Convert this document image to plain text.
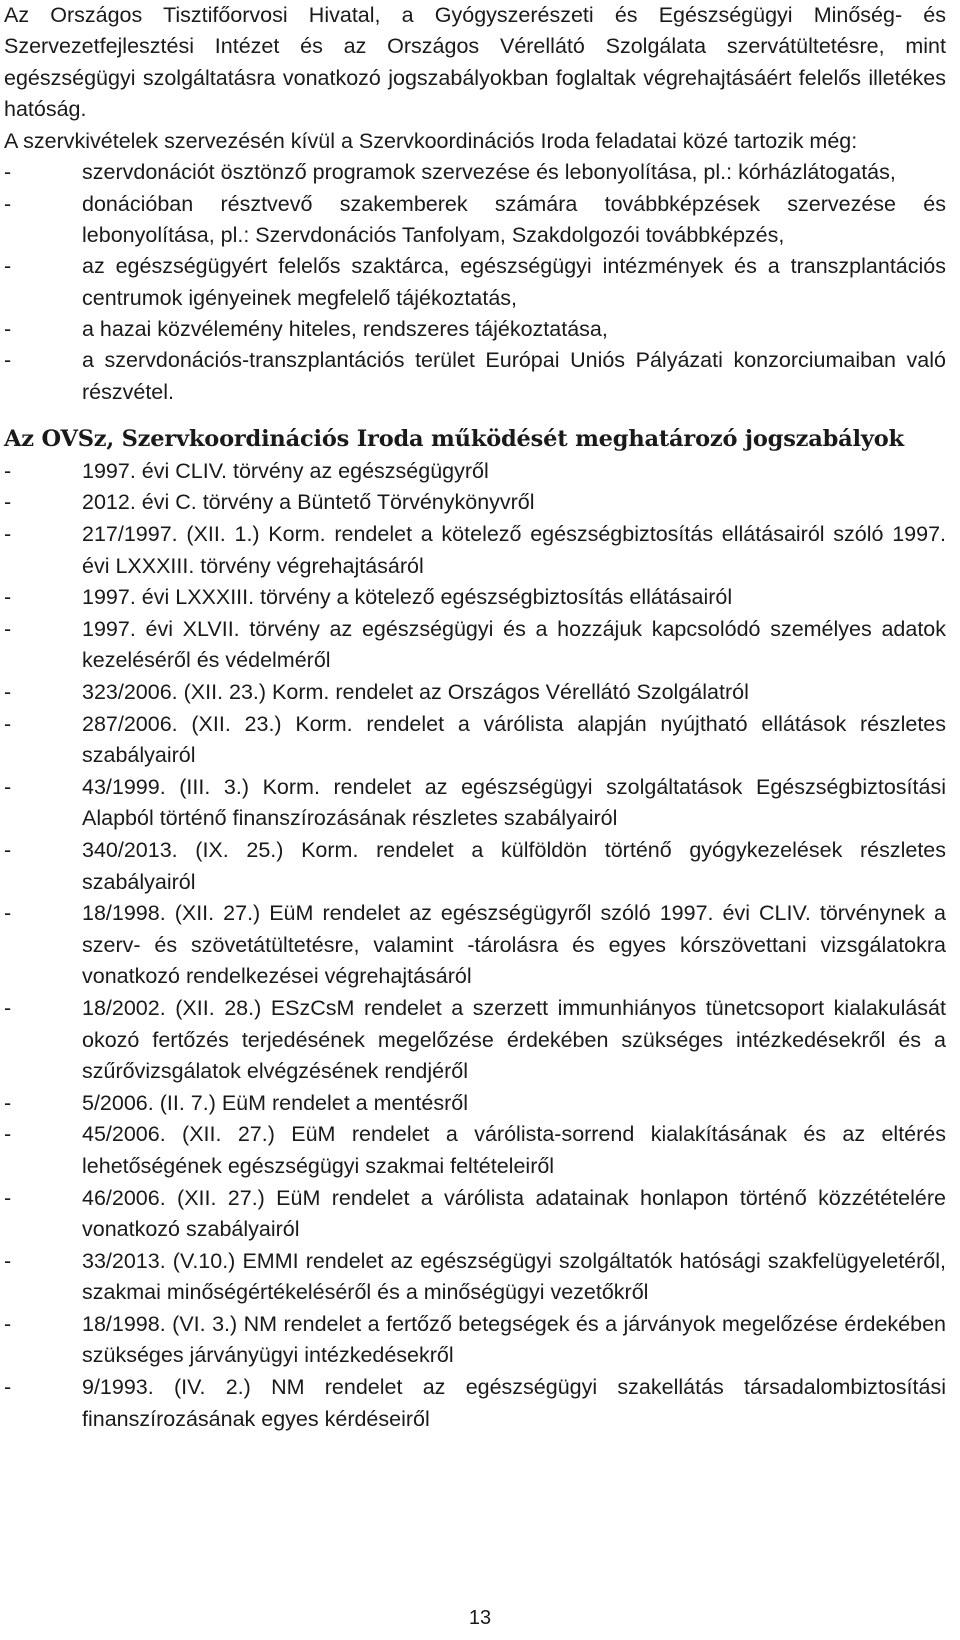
Az Országos Tisztifőorvosi Hivatal, a Gyógyszerészeti és Egészségügyi Minőség- és Szervezetfejlesztési Intézet és az Országos Vérellátó Szolgálata szervátültetésre, mint egészségügyi szolgáltatásra vonatkozó jogszabályokban foglaltak végrehajtásáért felelős illetékes hatóság.

A szervkivételek szervezésén kívül a Szervkoordinációs Iroda feladatai közé tartozik még:

-	szervdonációt ösztönző programok szervezése és lebonyolítása, pl.: kórházlátogatás,
-	donációban résztvevő szakemberek számára továbbképzések szervezése és lebonyolítása, pl.: Szervdonációs Tanfolyam, Szakdolgozói továbbképzés,
-	az egészségügyért felelős szaktárca, egészségügyi intézmények és a transzplantációs centrumok igényeinek megfelelő tájékoztatás,
-	a hazai közvélemény hiteles, rendszeres tájékoztatása,
-	a szervdonációs-transzplantációs terület Európai Uniós Pályázati konzorciumaiban való részvétel.
Az OVSz, Szervkoordinációs Iroda működését meghatározó jogszabályok
-	1997. évi CLIV. törvény az egészségügyről
-	2012. évi C. törvény a Büntető Törvénykönyvről
-	217/1997. (XII. 1.) Korm. rendelet a kötelező egészségbiztosítás ellátásairól szóló 1997. évi LXXXIII. törvény végrehajtásáról
-	1997. évi LXXXIII. törvény a kötelező egészségbiztosítás ellátásairól
-	1997. évi XLVII. törvény az egészségügyi és a hozzájuk kapcsolódó személyes adatok kezeléséről és védelméről
-	323/2006. (XII. 23.) Korm. rendelet az Országos Vérellátó Szolgálatról
-	287/2006. (XII. 23.) Korm. rendelet a várólista alapján nyújtható ellátások részletes szabályairól
-	43/1999. (III. 3.) Korm. rendelet az egészségügyi szolgáltatások Egészségbiztosítási Alapból történő finanszírozásának részletes szabályairól
-	340/2013. (IX. 25.) Korm. rendelet a külföldön történő gyógykezelések részletes szabályairól
-	18/1998. (XII. 27.) EüM rendelet az egészségügyről szóló 1997. évi CLIV. törvénynek a szerv- és szövetátültetésre, valamint -tárolásra és egyes kórszövettani vizsgálatokra vonatkozó rendelkezései végrehajtásáról
-	18/2002. (XII. 28.) ESzCsM rendelet a szerzett immunhiányos tünetcsoport kialakulását okozó fertőzés terjedésének megelőzése érdekében szükséges intézkedésekről és a szűrővizsgálatok elvégzésének rendjéről
-	5/2006. (II. 7.) EüM rendelet a mentésről
-	45/2006. (XII. 27.) EüM rendelet a várólista-sorrend kialakításának és az eltérés lehetőségének egészségügyi szakmai feltételeiről
-	46/2006. (XII. 27.) EüM rendelet a várólista adatainak honlapon történő közzétételére vonatkozó szabályairól
-	33/2013. (V.10.) EMMI rendelet az egészségügyi szolgáltatók hatósági szakfelügyeletéről, szakmai minőségértékeléséről és a minőségügyi vezetőkről
-	18/1998. (VI. 3.) NM rendelet a fertőző betegségek és a járványok megelőzése érdekében szükséges járványügyi intézkedésekről
-	9/1993. (IV. 2.) NM rendelet az egészségügyi szakellátás társadalombiztosítási finanszírozásának egyes kérdéseiről
13
